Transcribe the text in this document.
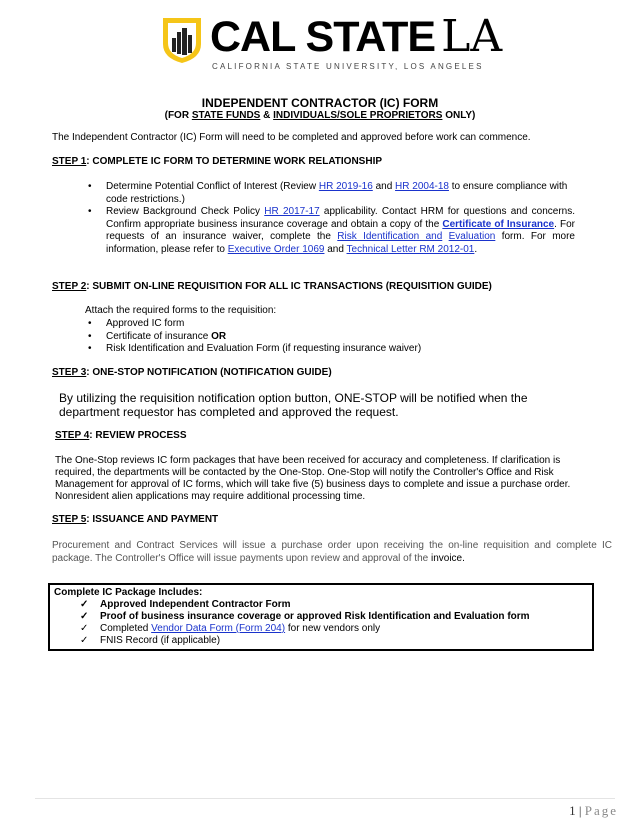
CAL STATE LA
CALIFORNIA STATE UNIVERSITY, LOS ANGELES
INDEPENDENT CONTRACTOR (IC) FORM
(FOR STATE FUNDS & INDIVIDUALS/SOLE PROPRIETORS ONLY)
The Independent Contractor (IC) Form will need to be completed and approved before work can commence.
STEP 1: COMPLETE IC FORM TO DETERMINE WORK RELATIONSHIP
• Determine Potential Conflict of Interest (Review HR 2019-16 and HR 2004-18 to ensure compliance with code restrictions.)
• Review Background Check Policy HR 2017-17 applicability. Contact HRM for questions and concerns. Confirm appropriate business insurance coverage and obtain a copy of the Certificate of Insurance. For requests of an insurance waiver, complete the Risk Identification and Evaluation form. For more information, please refer to Executive Order 1069 and Technical Letter RM 2012-01.
STEP 2: SUBMIT ON-LINE REQUISITION FOR ALL IC TRANSACTIONS (REQUISITION GUIDE)
Attach the required forms to the requisition:
• Approved IC form
• Certificate of insurance OR
• Risk Identification and Evaluation Form (if requesting insurance waiver)
STEP 3: ONE-STOP NOTIFICATION (NOTIFICATION GUIDE)
By utilizing the requisition notification option button, ONE-STOP will be notified when the department requestor has completed and approved the request.
STEP 4: REVIEW PROCESS
The One-Stop reviews IC form packages that have been received for accuracy and completeness. If clarification is required, the departments will be contacted by the One-Stop. One-Stop will notify the Controller's Office and Risk Management for approval of IC forms, which will take five (5) business days to complete and issue a purchase order. Nonresident alien applications may require additional processing time.
STEP 5: ISSUANCE AND PAYMENT
Procurement and Contract Services will issue a purchase order upon receiving the on-line requisition and complete IC package. The Controller's Office will issue payments upon review and approval of the invoice.
Complete IC Package Includes:
✓ Approved Independent Contractor Form
✓ Proof of business insurance coverage or approved Risk Identification and Evaluation form
✓ Completed Vendor Data Form (Form 204) for new vendors only
✓ FNIS Record (if applicable)
1 | Page
